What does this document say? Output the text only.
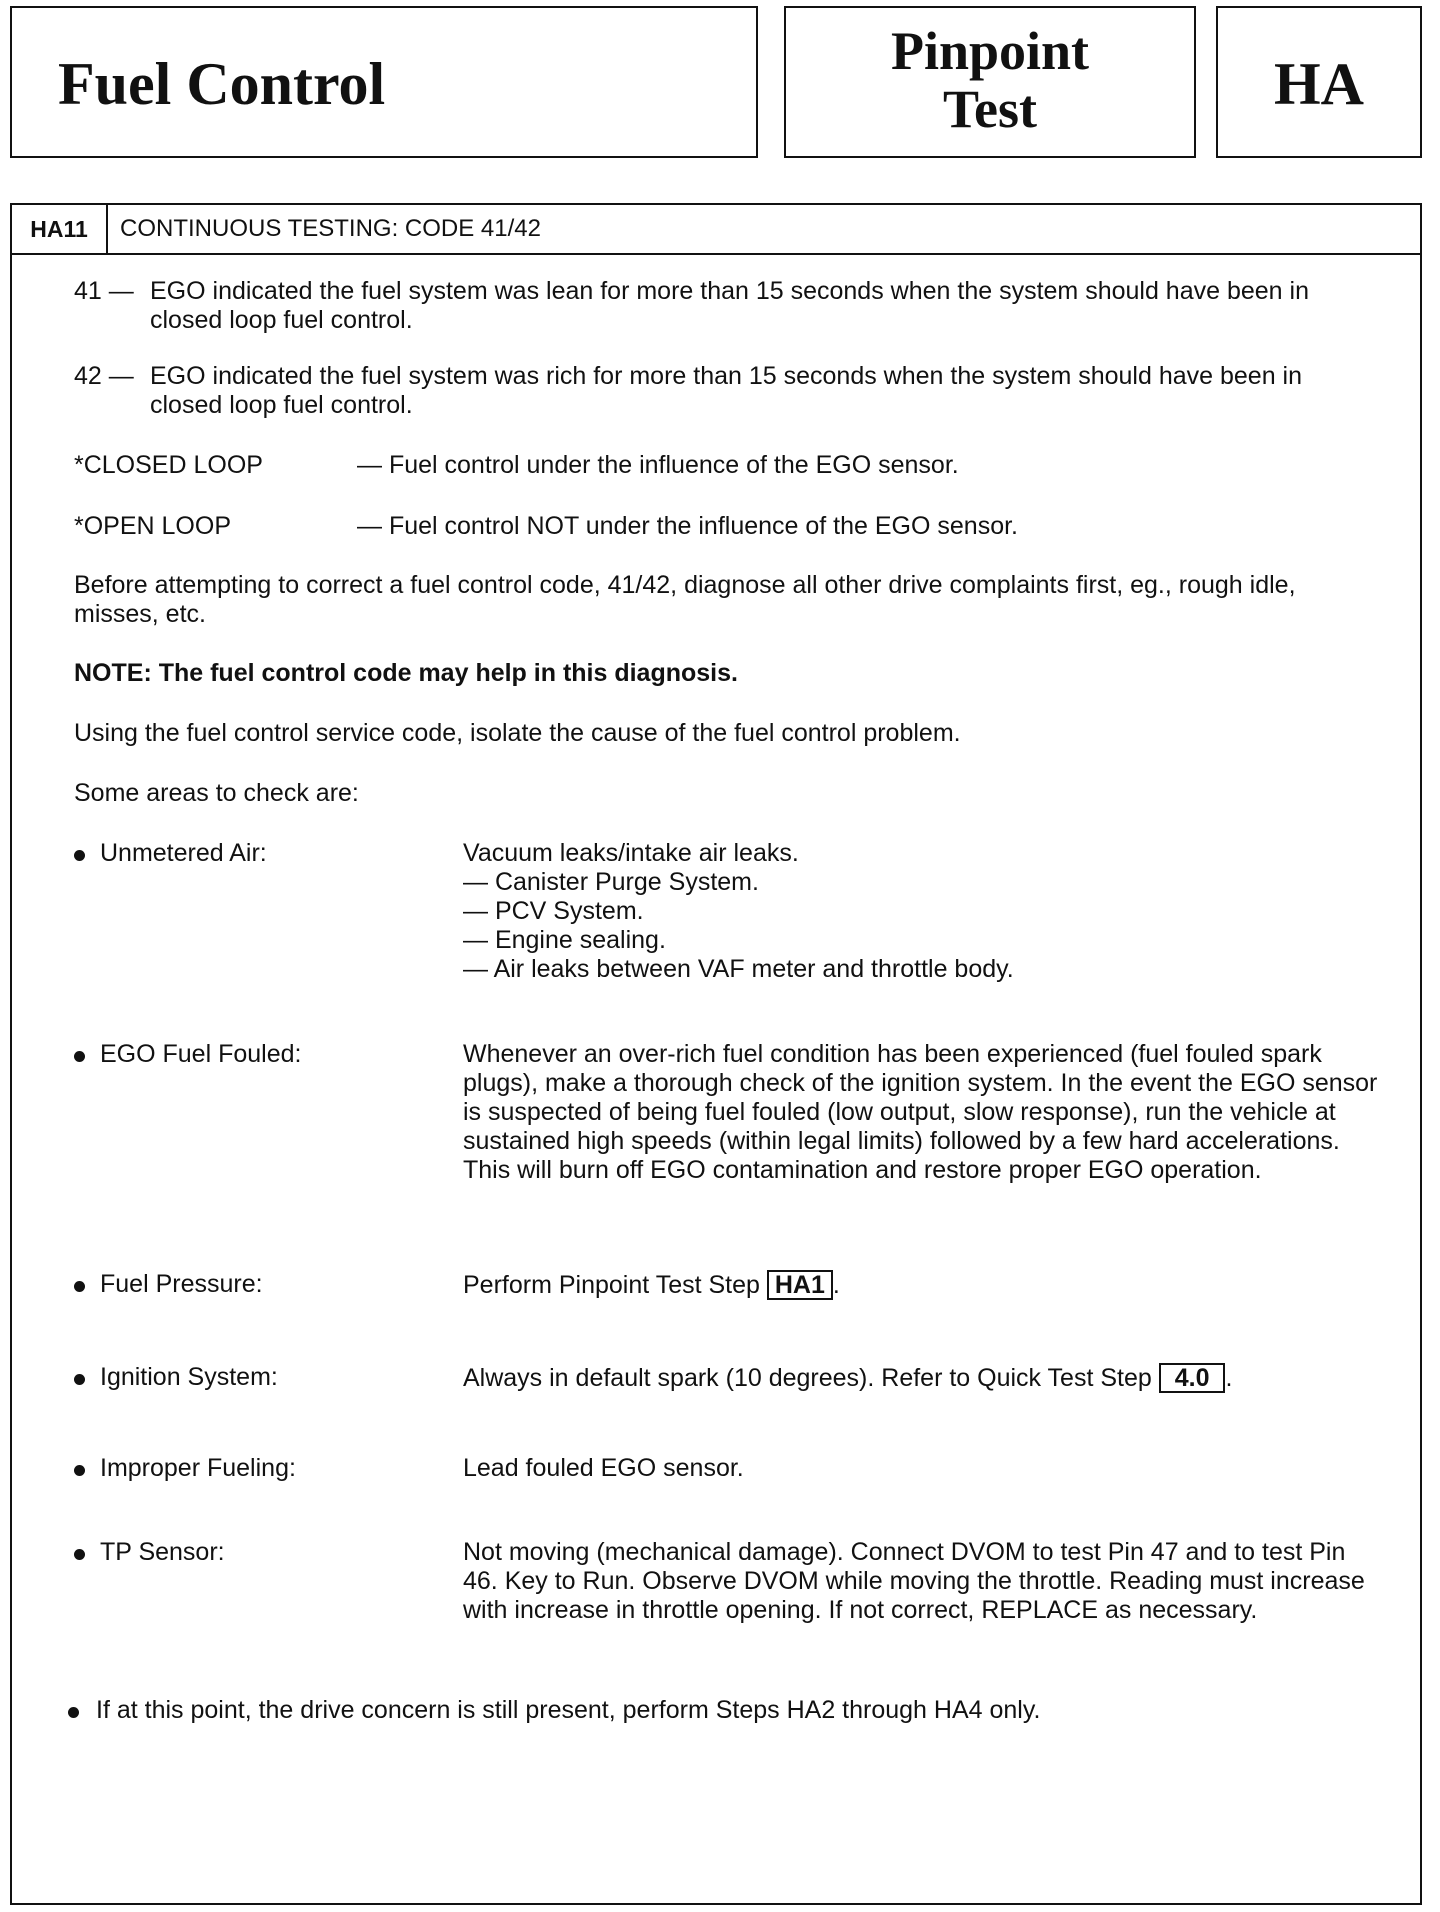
Fuel Control	Pinpoint
Test	HA
HA11	CONTINUOUS TESTING: CODE 41/42
41 — EGO indicated the fuel system was lean for more than 15 seconds when the system should have been in closed loop fuel control.
42 — EGO indicated the fuel system was rich for more than 15 seconds when the system should have been in closed loop fuel control.
*CLOSED LOOP	— Fuel control under the influence of the EGO sensor.
*OPEN LOOP	— Fuel control NOT under the influence of the EGO sensor.
Before attempting to correct a fuel control code, 41/42, diagnose all other drive complaints first, eg., rough idle, misses, etc.
NOTE: The fuel control code may help in this diagnosis.
Using the fuel control service code, isolate the cause of the fuel control problem.
Some areas to check are:
Unmetered Air:	Vacuum leaks/intake air leaks.
— Canister Purge System.
— PCV System.
— Engine sealing.
— Air leaks between VAF meter and throttle body.
EGO Fuel Fouled:	Whenever an over-rich fuel condition has been experienced (fuel fouled spark plugs), make a thorough check of the ignition system. In the event the EGO sensor is suspected of being fuel fouled (low output, slow response), run the vehicle at sustained high speeds (within legal limits) followed by a few hard accelerations. This will burn off EGO contamination and restore proper EGO operation.
Fuel Pressure:	Perform Pinpoint Test Step HA1 .
Ignition System:	Always in default spark (10 degrees). Refer to Quick Test Step 4.0 .
Improper Fueling:	Lead fouled EGO sensor.
TP Sensor:	Not moving (mechanical damage). Connect DVOM to test Pin 47 and to test Pin 46. Key to Run. Observe DVOM while moving the throttle. Reading must increase with increase in throttle opening. If not correct, REPLACE as necessary.
If at this point, the drive concern is still present, perform Steps HA2 through HA4 only.
